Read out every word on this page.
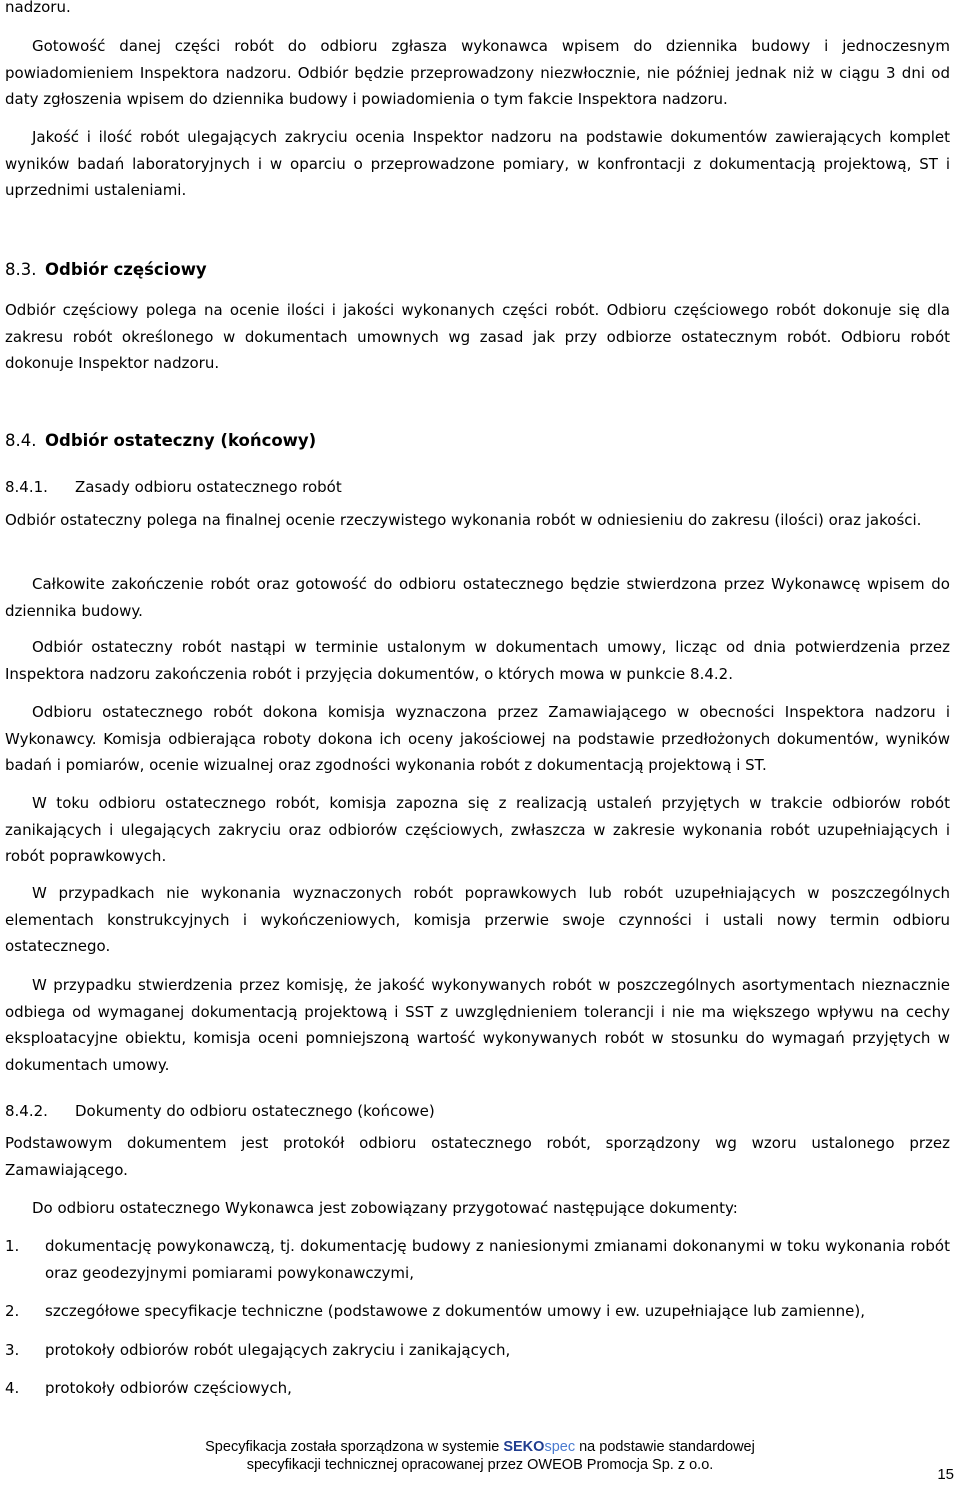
nadzoru.

Gotowość danej części robót do odbioru zgłasza wykonawca wpisem do dziennika budowy i jednoczesnym powiadomieniem Inspektora nadzoru. Odbiór będzie przeprowadzony niezwłocznie, nie później jednak niż w ciągu 3 dni od daty zgłoszenia wpisem do dziennika budowy i powiadomienia o tym fakcie Inspektora nadzoru.

Jakość i ilość robót ulegających zakryciu ocenia Inspektor nadzoru na podstawie dokumentów zawierających komplet wyników badań laboratoryjnych i w oparciu o przeprowadzone pomiary, w konfrontacji z dokumentacją projektową, ST i uprzednimi ustaleniami.

8.3. Odbiór częściowy

Odbiór częściowy polega na ocenie ilości i jakości wykonanych części robót. Odbioru częściowego robót dokonuje się dla zakresu robót określonego w dokumentach umownych wg zasad jak przy odbiorze ostatecznym robót. Odbioru robót dokonuje Inspektor nadzoru.

8.4. Odbiór ostateczny (końcowy)
8.4.1. Zasady odbioru ostatecznego robót

Odbiór ostateczny polega na finalnej ocenie rzeczywistego wykonania robót w odniesieniu do zakresu (ilości) oraz jakości.

Całkowite zakończenie robót oraz gotowość do odbioru ostatecznego będzie stwierdzona przez Wykonawcę wpisem do dziennika budowy.

Odbiór ostateczny robót nastąpi w terminie ustalonym w dokumentach umowy, licząc od dnia potwierdzenia przez Inspektora nadzoru zakończenia robót i przyjęcia dokumentów, o których mowa w punkcie 8.4.2.

Odbioru ostatecznego robót dokona komisja wyznaczona przez Zamawiającego w obecności Inspektora nadzoru i Wykonawcy. Komisja odbierająca roboty dokona ich oceny jakościowej na podstawie przedłożonych dokumentów, wyników badań i pomiarów, ocenie wizualnej oraz zgodności wykonania robót z dokumentacją projektową i ST.

W toku odbioru ostatecznego robót, komisja zapozna się z realizacją ustaleń przyjętych w trakcie odbiorów robót zanikających i ulegających zakryciu oraz odbiorów częściowych, zwłaszcza w zakresie wykonania robót uzupełniających i robót poprawkowych.

W przypadkach nie wykonania wyznaczonych robót poprawkowych lub robót uzupełniających w poszczególnych elementach konstrukcyjnych i wykończeniowych, komisja przerwie swoje czynności i ustali nowy termin odbioru ostatecznego.

W przypadku stwierdzenia przez komisję, że jakość wykonywanych robót w poszczególnych asortymentach nieznacznie odbiega od wymaganej dokumentacją projektową i SST z uwzględnieniem tolerancji i nie ma większego wpływu na cechy eksploatacyjne obiektu, komisja oceni pomniejszoną wartość wykonywanych robót w stosunku do wymagań przyjętych w dokumentach umowy.

8.4.2. Dokumenty do odbioru ostatecznego (końcowe)

Podstawowym dokumentem jest protokół odbioru ostatecznego robót, sporządzony wg wzoru ustalonego przez Zamawiającego.

Do odbioru ostatecznego Wykonawca jest zobowiązany przygotować następujące dokumenty:

1. dokumentację powykonawczą, tj. dokumentację budowy z naniesionymi zmianami dokonanymi w toku wykonania robót oraz geodezyjnymi pomiarami powykonawczymi,
2. szczegółowe specyfikacje techniczne (podstawowe z dokumentów umowy i ew. uzupełniające lub zamienne),
3. protokoły odbiorów robót ulegających zakryciu i zanikających,
4. protokoły odbiorów częściowych,
Specyfikacja została sporządzona w systemie SEKOspec na podstawie standardowej
specyfikacji technicznej opracowanej przez OWEOB Promocja Sp. z o.o.
15
